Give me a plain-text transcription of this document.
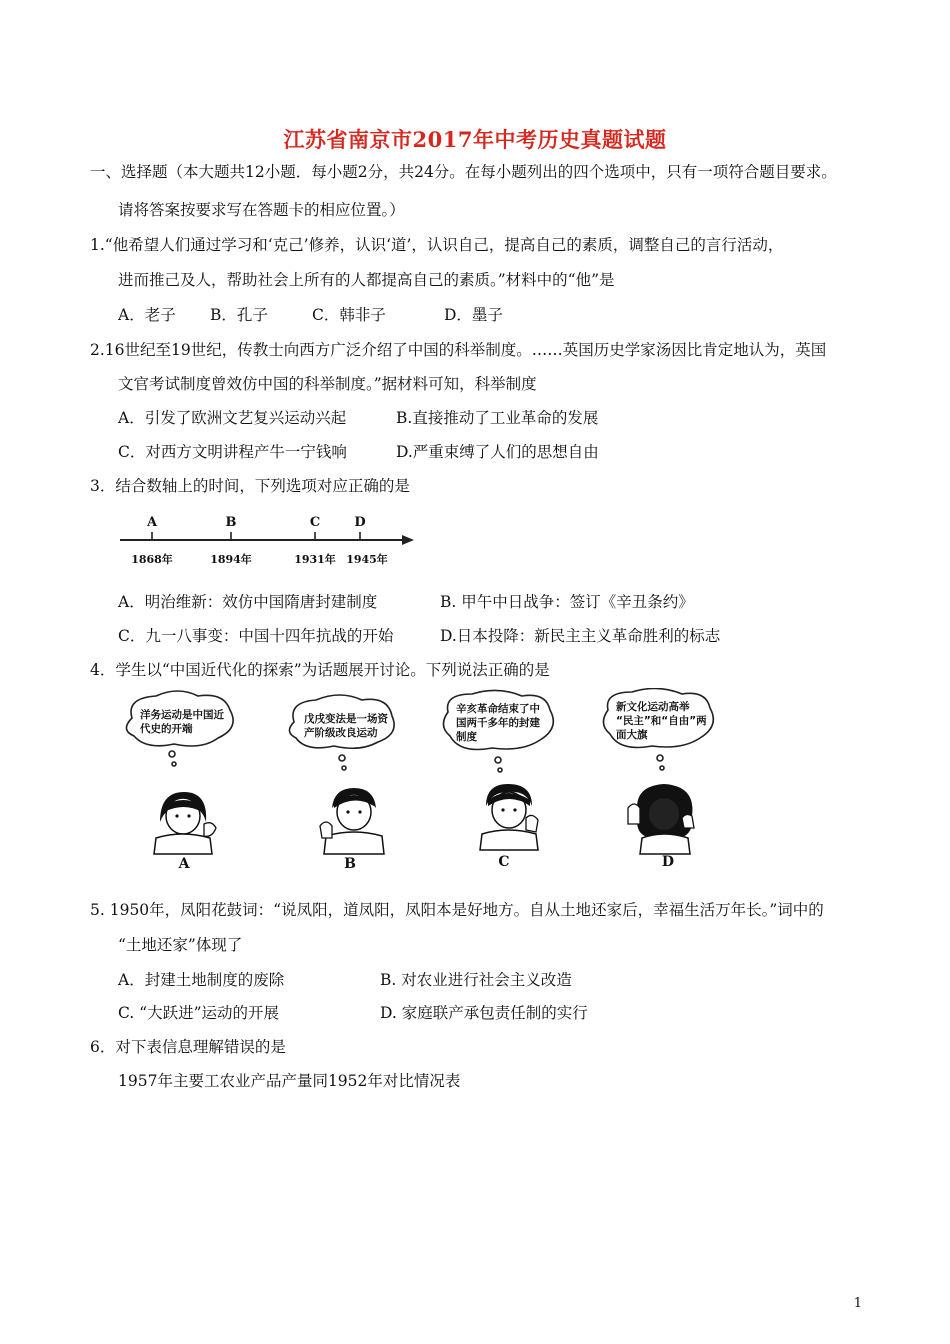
江苏省南京市2017年中考历史真题试题
一、选择题（本大题共12小题．每小题2分，共24分。在每小题列出的四个选项中，只有一项符合题目要求。
请将答案按要求写在答题卡的相应位置。）
1.“他希望人们通过学习和‘克己’修养，认识‘道’，认识自己，提高自己的素质，调整自己的言行活动，
进而推己及人，帮助社会上所有的人都提高自己的素质。”材料中的“他”是
A．老子 B．孔子	C．韩非子	D．墨子
2.16世纪至19世纪，传教士向西方广泛介绍了中国的科举制度。……英国历史学家汤因比肯定地认为，英国
文官考试制度曾效仿中国的科举制度。”据材料可知，科举制度
A．引发了欧洲文艺复兴运动兴起	B.直接推动了工业革命的发展
C．对西方文明讲程产牛一宁钱响	D.严重束缚了人们的思想自由
3．结合数轴上的时间，下列选项对应正确的是
A	B	C	D
1868年	1894年	1931年 1945年
A．明治维新：效仿中国隋唐封建制度	B. 甲午中日战争：签订《辛丑条约》
C．九一八事变：中国十四年抗战的开始	D.日本投降：新民主主义革命胜利的标志
4．学生以“中国近代化的探索”为话题展开讨论。下列说法正确的是
洋务运动是中国近
代史的开端
戊戌变法是一场资
产阶级改良运动
辛亥革命结束了中
国两千多年的封建
制度
新文化运动高举
“民主”和“自由”两
面大旗
A	B	C	D
5. 1950年，凤阳花鼓词：“说凤阳，道凤阳，凤阳本是好地方。自从土地还家后，幸福生活万年长。”词中的
“土地还家”体现了
A．封建土地制度的废除	B. 对农业进行社会主义改造
C. “大跃进”运动的开展	D. 家庭联产承包责任制的实行
6．对下表信息理解错误的是
1957年主要工农业产品产量同1952年对比情况表
1
